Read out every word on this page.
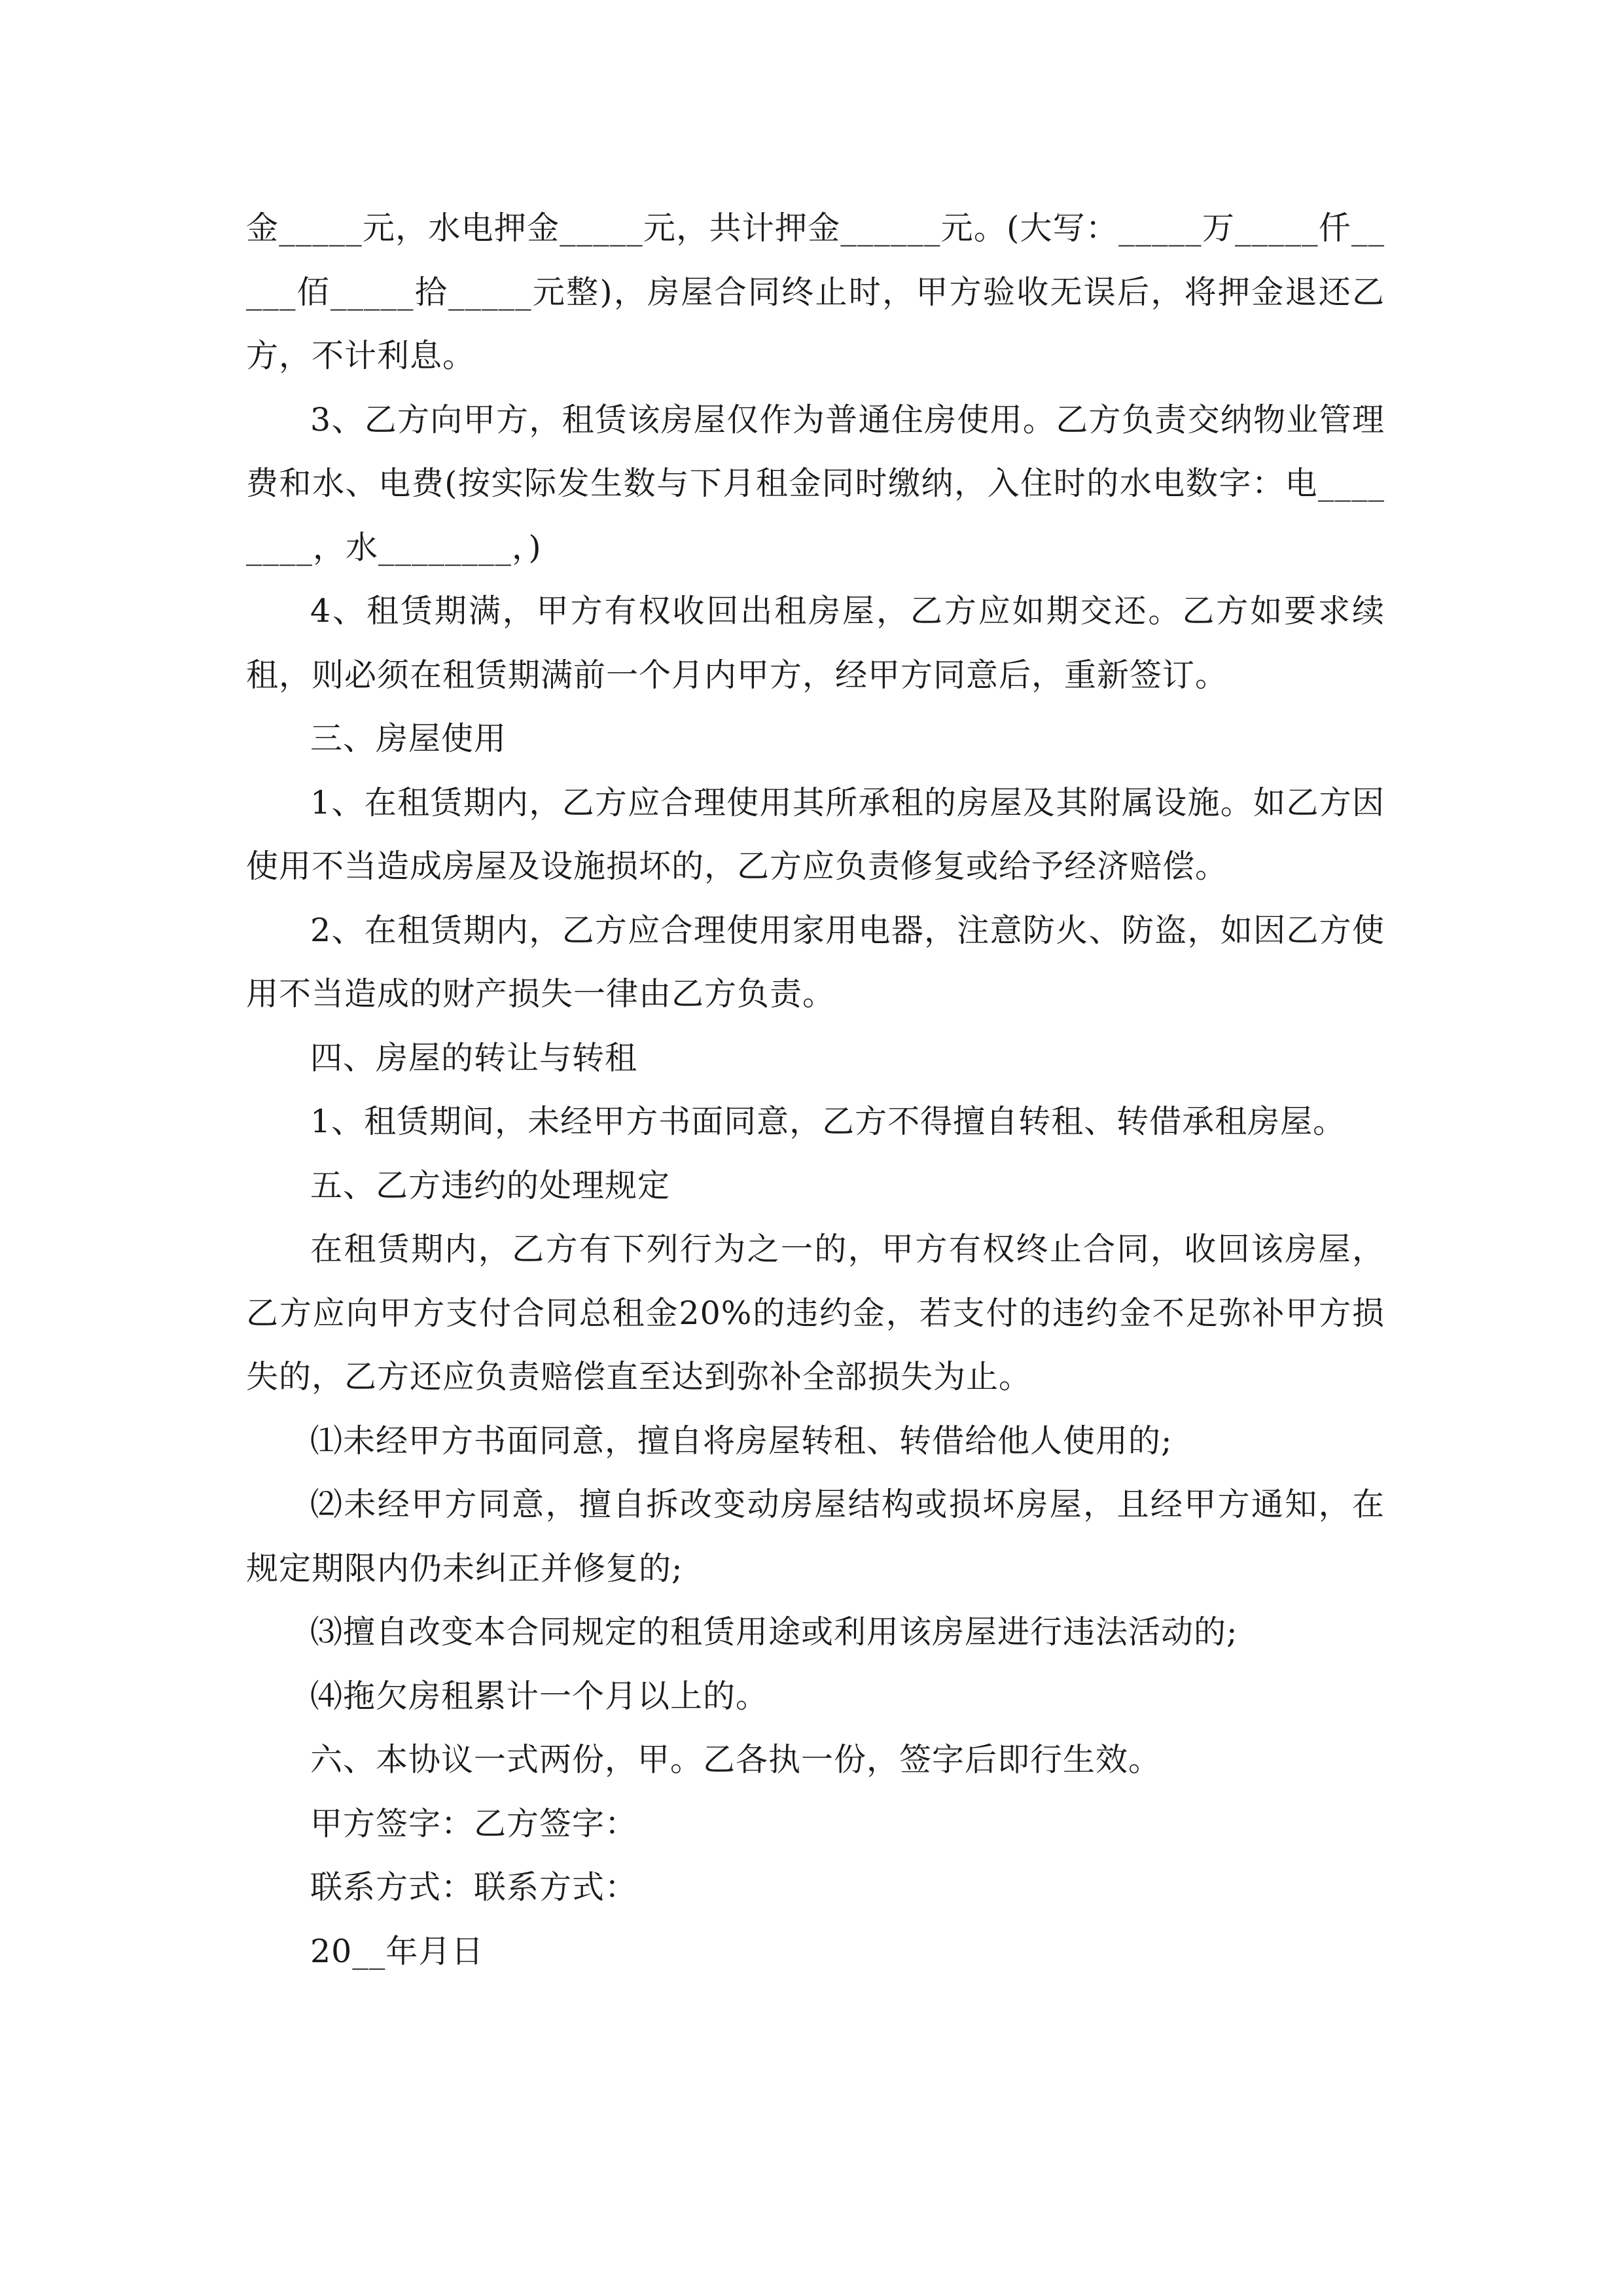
金_____元，水电押金_____元，共计押金______元。(大写：_____万_____仟_____佰_____拾_____元整)，房屋合同终止时，甲方验收无误后，将押金退还乙方，不计利息。

3、乙方向甲方，租赁该房屋仅作为普通住房使用。乙方负责交纳物业管理费和水、电费(按实际发生数与下月租金同时缴纳，入住时的水电数字：电________，水________，)

4、租赁期满，甲方有权收回出租房屋，乙方应如期交还。乙方如要求续租，则必须在租赁期满前一个月内甲方，经甲方同意后，重新签订。

三、房屋使用

1、在租赁期内，乙方应合理使用其所承租的房屋及其附属设施。如乙方因使用不当造成房屋及设施损坏的，乙方应负责修复或给予经济赔偿。

2、在租赁期内，乙方应合理使用家用电器，注意防火、防盗，如因乙方使用不当造成的财产损失一律由乙方负责。

四、房屋的转让与转租

1、租赁期间，未经甲方书面同意，乙方不得擅自转租、转借承租房屋。

五、乙方违约的处理规定

在租赁期内，乙方有下列行为之一的，甲方有权终止合同，收回该房屋，乙方应向甲方支付合同总租金20%的违约金，若支付的违约金不足弥补甲方损失的，乙方还应负责赔偿直至达到弥补全部损失为止。

⑴未经甲方书面同意，擅自将房屋转租、转借给他人使用的;

⑵未经甲方同意，擅自拆改变动房屋结构或损坏房屋，且经甲方通知，在规定期限内仍未纠正并修复的;

⑶擅自改变本合同规定的租赁用途或利用该房屋进行违法活动的;

⑷拖欠房租累计一个月以上的。

六、本协议一式两份，甲。乙各执一份，签字后即行生效。

甲方签字：乙方签字：

联系方式：联系方式：

20__年月日
